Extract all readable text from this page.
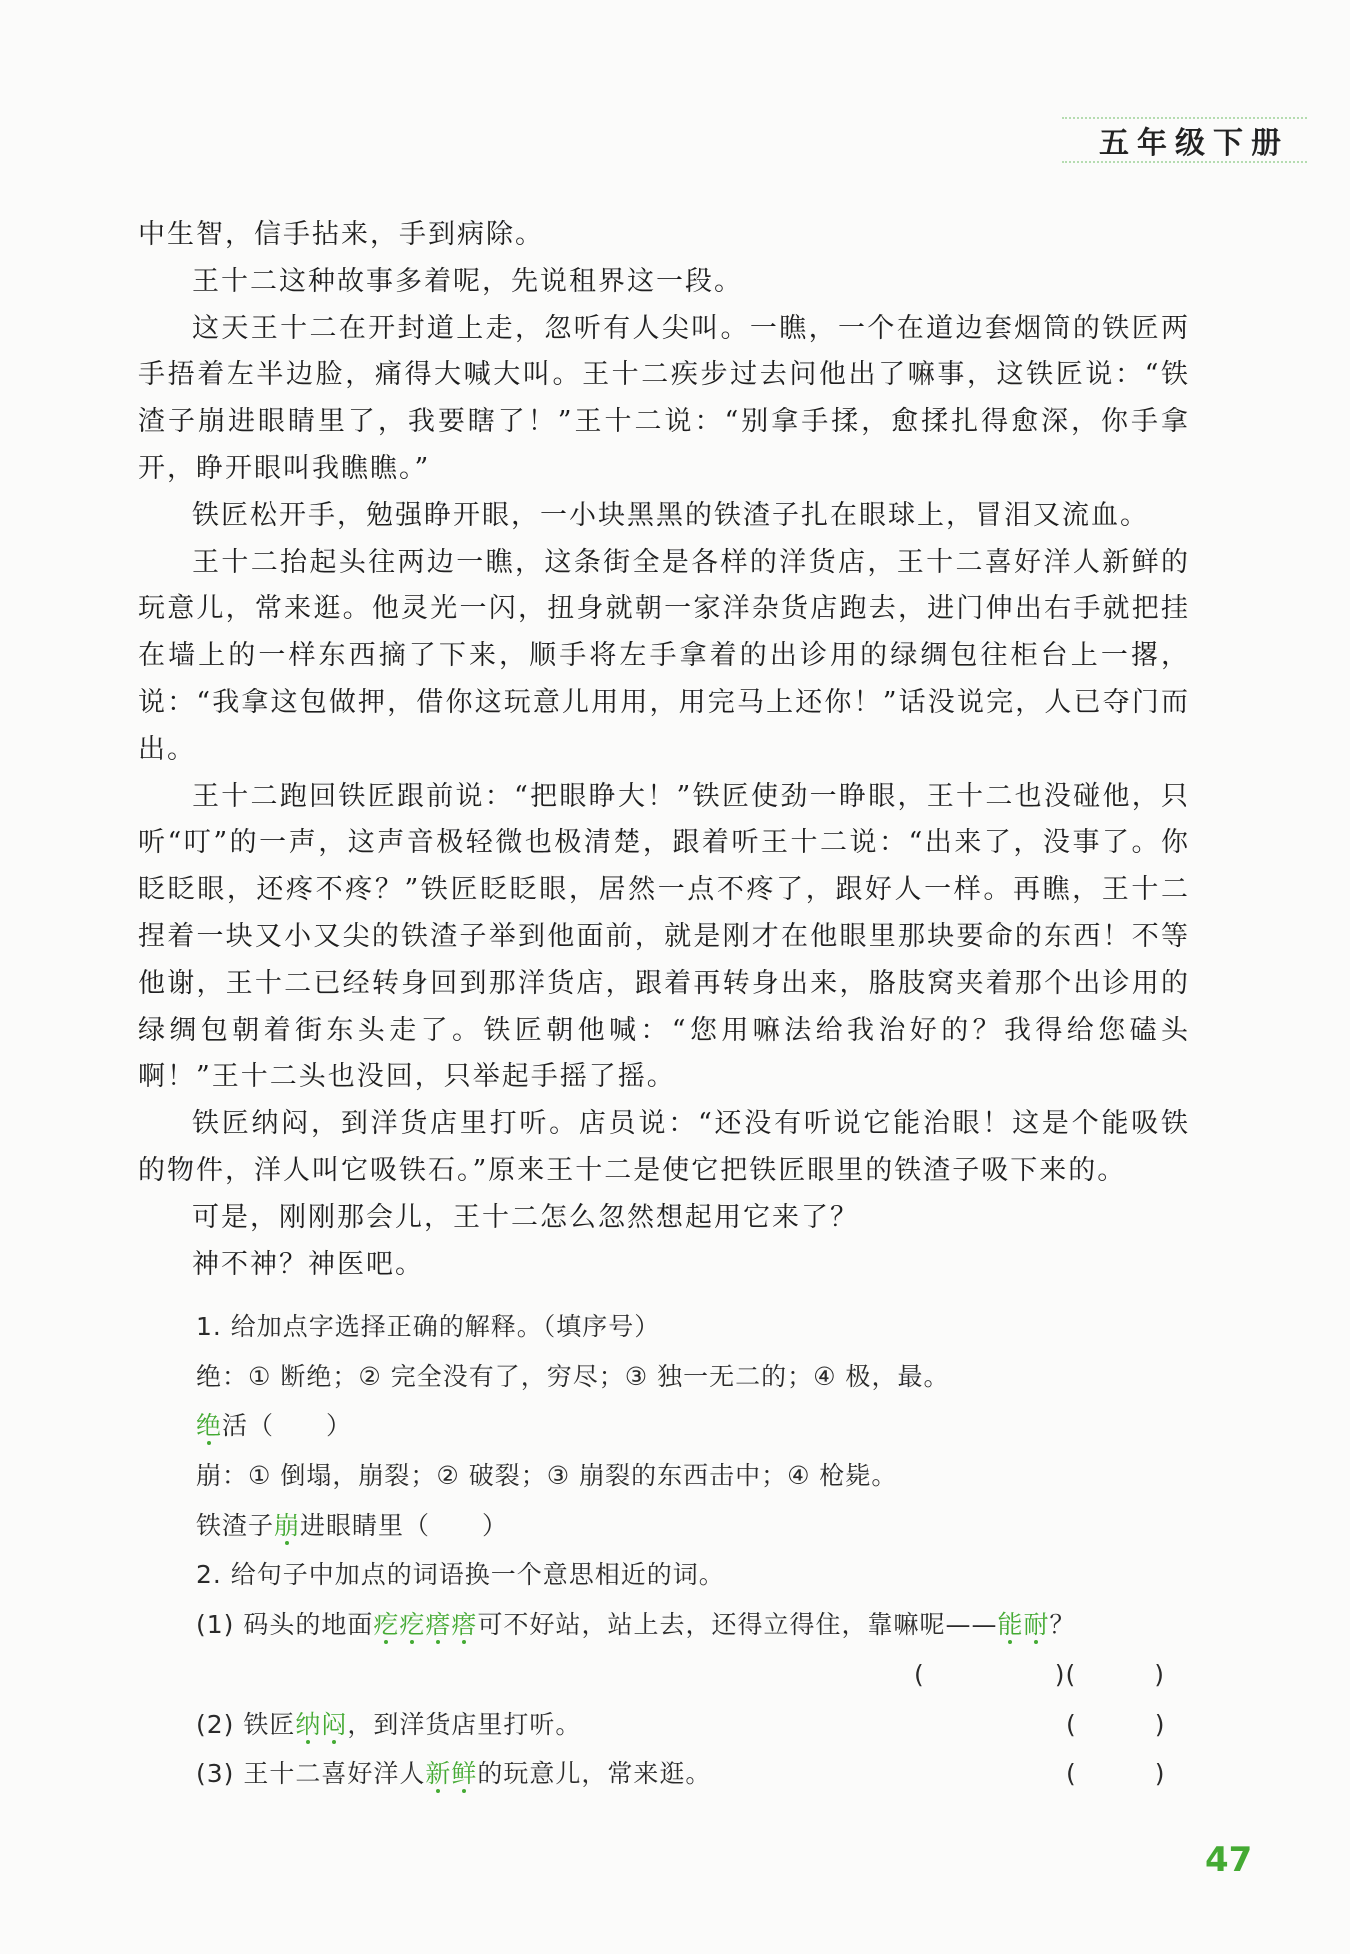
五年级下册

中生智，信手拈来，手到病除。

王十二这种故事多着呢，先说租界这一段。

这天王十二在开封道上走，忽听有人尖叫。一瞧，一个在道边套烟筒的铁匠两手捂着左半边脸，痛得大喊大叫。王十二疾步过去问他出了嘛事，这铁匠说：“铁渣子崩进眼睛里了，我要瞎了！”王十二说：“别拿手揉，愈揉扎得愈深，你手拿开，睁开眼叫我瞧瞧。”

铁匠松开手，勉强睁开眼，一小块黑黑的铁渣子扎在眼球上，冒泪又流血。

王十二抬起头往两边一瞧，这条街全是各样的洋货店，王十二喜好洋人新鲜的玩意儿，常来逛。他灵光一闪，扭身就朝一家洋杂货店跑去，进门伸出右手就把挂在墙上的一样东西摘了下来，顺手将左手拿着的出诊用的绿绸包往柜台上一撂，说：“我拿这包做押，借你这玩意儿用用，用完马上还你！”话没说完，人已夺门而出。

王十二跑回铁匠跟前说：“把眼睁大！”铁匠使劲一睁眼，王十二也没碰他，只听“叮”的一声，这声音极轻微也极清楚，跟着听王十二说：“出来了，没事了。你眨眨眼，还疼不疼？”铁匠眨眨眼，居然一点不疼了，跟好人一样。再瞧，王十二捏着一块又小又尖的铁渣子举到他面前，就是刚才在他眼里那块要命的东西！不等他谢，王十二已经转身回到那洋货店，跟着再转身出来，胳肢窝夹着那个出诊用的绿绸包朝着街东头走了。铁匠朝他喊：“您用嘛法给我治好的？我得给您磕头啊！”王十二头也没回，只举起手摇了摇。

铁匠纳闷，到洋货店里打听。店员说：“还没有听说它能治眼！这是个能吸铁的物件，洋人叫它吸铁石。”原来王十二是使它把铁匠眼里的铁渣子吸下来的。

可是，刚刚那会儿，王十二怎么忽然想起用它来了？

神不神？神医吧。

1. 给加点字选择正确的解释。（填序号）
绝：① 断绝；② 完全没有了，穷尽；③ 独一无二的；④ 极，最。
绝活（　　）
崩：① 倒塌，崩裂；② 破裂；③ 崩裂的东西击中；④ 枪毙。
铁渣子崩进眼睛里（　　）
2. 给句子中加点的词语换一个意思相近的词。
(1) 码头的地面疙疙瘩瘩可不好站，站上去，还得立得住，靠嘛呢——能耐？
(　　　　　)(　　　)
(2) 铁匠纳闷，到洋货店里打听。	(　　　)
(3) 王十二喜好洋人新鲜的玩意儿，常来逛。	(　　　)
47
